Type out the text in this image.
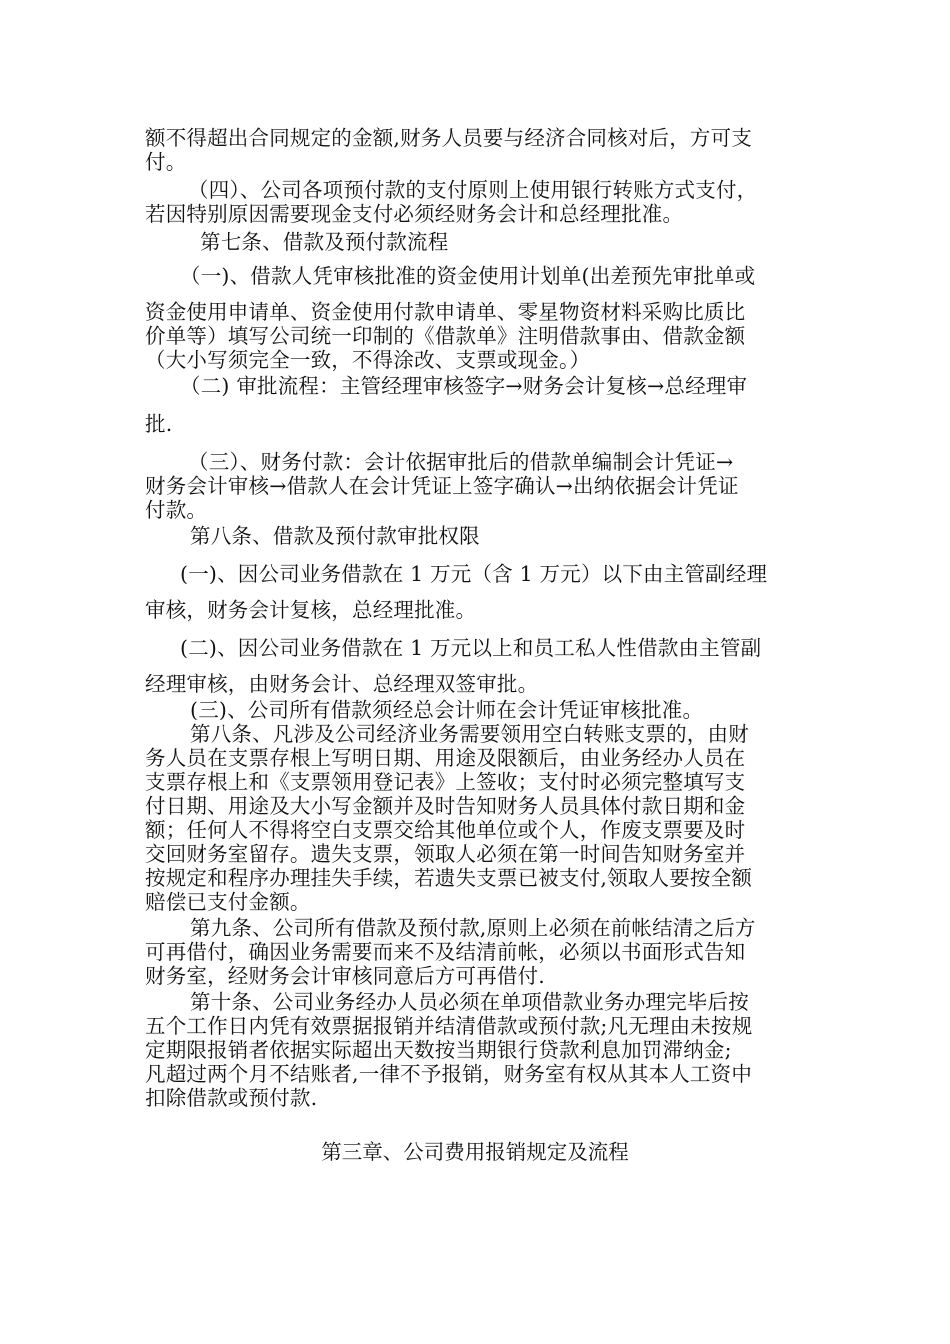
额不得超出合同规定的金额,财务人员要与经济合同核对后，方可支
付。
（四）、公司各项预付款的支付原则上使用银行转账方式支付，
若因特别原因需要现金支付必须经财务会计和总经理批准。
第七条、借款及预付款流程
（一)、借款人凭审核批准的资金使用计划单(出差预先审批单或
资金使用申请单、资金使用付款申请单、零星物资材料采购比质比
价单等）填写公司统一印制的《借款单》注明借款事由、借款金额
（大小写须完全一致，不得涂改、支票或现金。）
（二) 审批流程：主管经理审核签字→财务会计复核→总经理审
批.
（三）、财务付款：会计依据审批后的借款单编制会计凭证→
财务会计审核→借款人在会计凭证上签字确认→出纳依据会计凭证
付款。
第八条、借款及预付款审批权限
(一)、因公司业务借款在 1 万元（含 1 万元）以下由主管副经理
审核，财务会计复核，总经理批准。
(二)、因公司业务借款在 1 万元以上和员工私人性借款由主管副
经理审核，由财务会计、总经理双签审批。
(三)、公司所有借款须经总会计师在会计凭证审核批准。
第八条、凡涉及公司经济业务需要领用空白转账支票的，由财
务人员在支票存根上写明日期、用途及限额后，由业务经办人员在
支票存根上和《支票领用登记表》上签收；支付时必须完整填写支
付日期、用途及大小写金额并及时告知财务人员具体付款日期和金
额；任何人不得将空白支票交给其他单位或个人，作废支票要及时
交回财务室留存。遗失支票，领取人必须在第一时间告知财务室并
按规定和程序办理挂失手续，若遗失支票已被支付,领取人要按全额
赔偿已支付金额。
第九条、公司所有借款及预付款,原则上必须在前帐结清之后方
可再借付，确因业务需要而来不及结清前帐，必须以书面形式告知
财务室，经财务会计审核同意后方可再借付.
第十条、公司业务经办人员必须在单项借款业务办理完毕后按
五个工作日内凭有效票据报销并结清借款或预付款;凡无理由未按规
定期限报销者依据实际超出天数按当期银行贷款利息加罚滞纳金;
凡超过两个月不结账者,一律不予报销，财务室有权从其本人工资中
扣除借款或预付款.
第三章、公司费用报销规定及流程
